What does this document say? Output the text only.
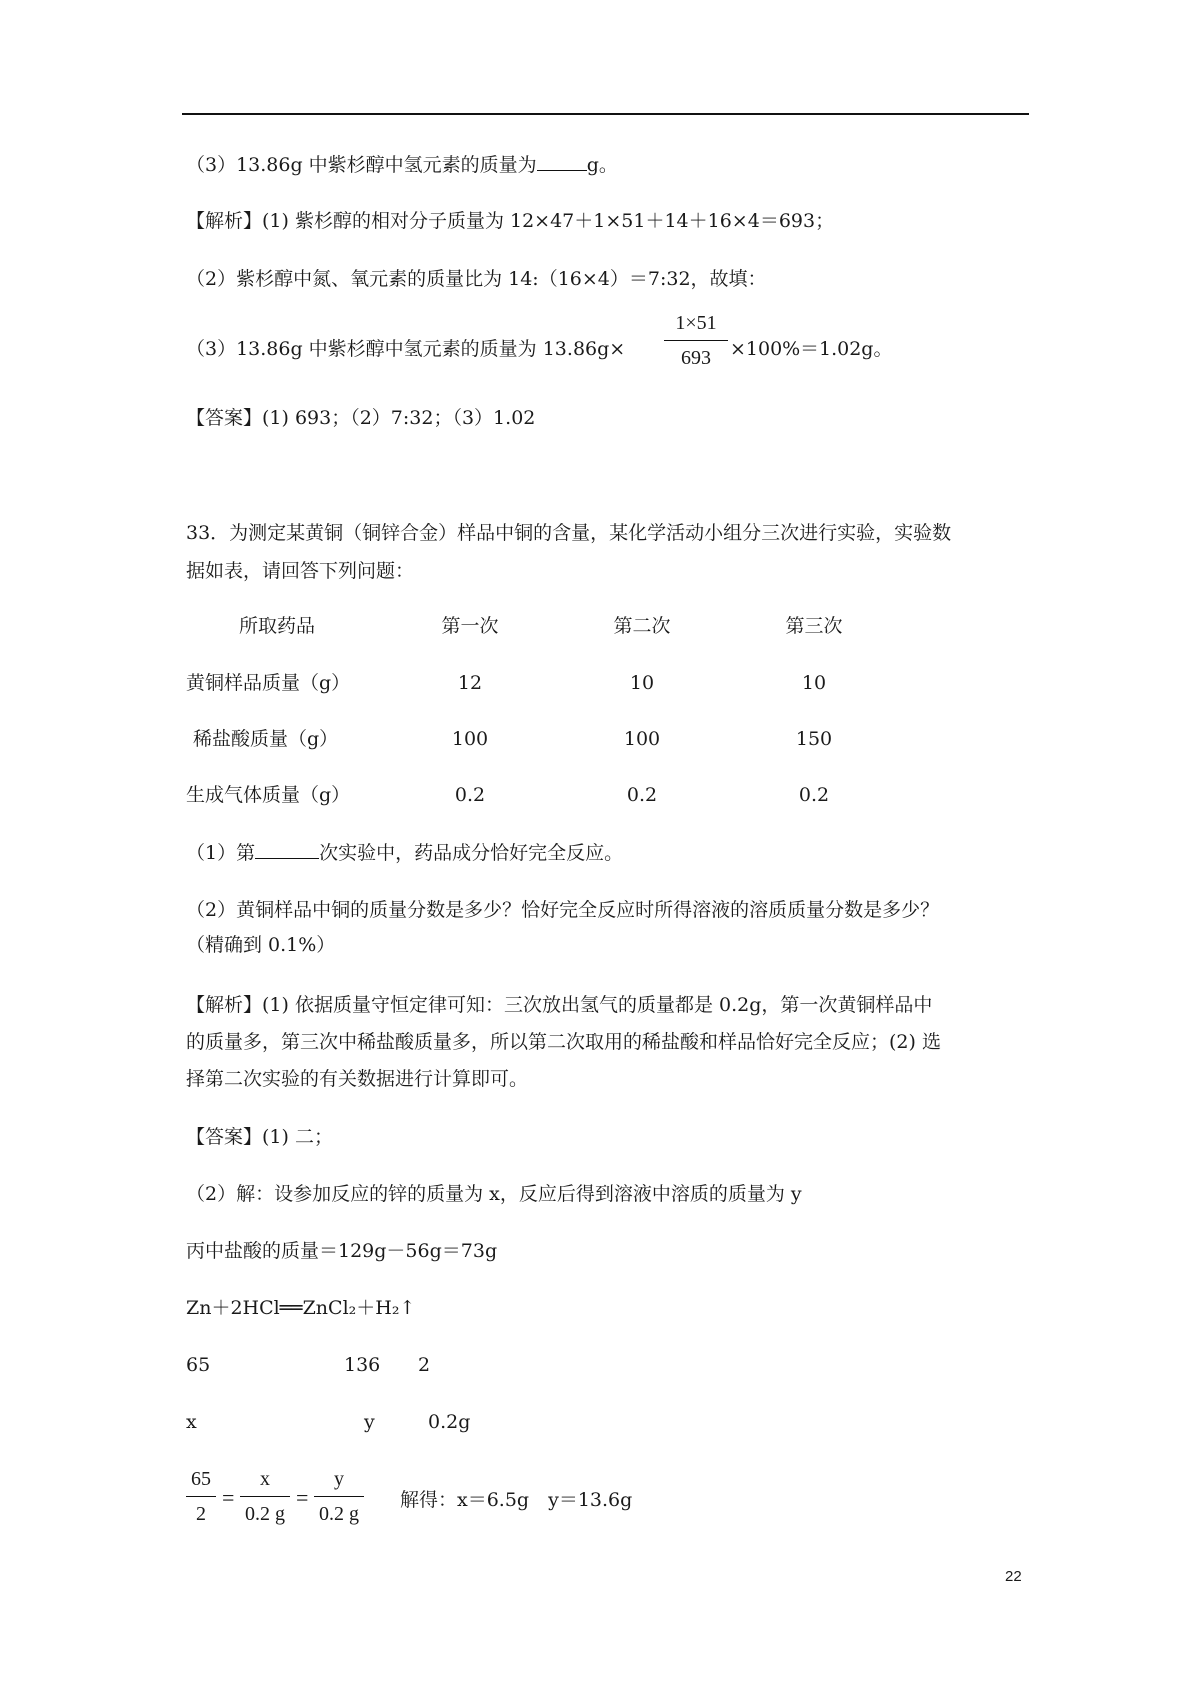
（3）13.86g 中紫杉醇中氢元素的质量为	g。
【解析】(1) 紫杉醇的相对分子质量为 12×47＋1×51＋14＋16×4＝693；
（2）紫杉醇中氮、氧元素的质量比为 14:（16×4）＝7:32，故填：
（3）13.86g 中紫杉醇中氢元素的质量为 13.86g×
1×51
693	×100% ＝1.02g。
【答案】(1) 693；（2）7:32；（3）1.02
33．为测定某黄铜（铜锌合金）样品中铜的含量，某化学活动小组分三次进行实验，实验数
据如表，请回答下列问题：
所取药品	第一次	第二次	第三次
黄铜样品质量（g）	12	10	10
稀盐酸质量（g）	100	100	150
生成气体质量（g）	0.2	0.2	0.2
（1）第	次实验中，药品成分恰好完全反应。
（2）黄铜样品中铜的质量分数是多少？恰好完全反应时所得溶液的溶质质量分数是多少？
（精确到 0.1%）
【解析】(1) 依据质量守恒定律可知：三次放出氢气的质量都是 0.2g，第一次黄铜样品中
的质量多，第三次中稀盐酸质量多，所以第二次取用的稀盐酸和样品恰好完全反应；(2) 选
择第二次实验的有关数据进行计算即可。
【答案】(1) 二；
（2）解：设参加反应的锌的质量为 x，反应后得到溶液中溶质的质量为 y
丙中盐酸的质量＝129g－56g＝73g
Zn＋2HCl══ZnCl₂＋H₂↑
65	136 2
x	y	0.2g
65
2
=
x
0.2 g
=
y
0.2 g
解得：x＝6.5g　y＝13.6g
22
